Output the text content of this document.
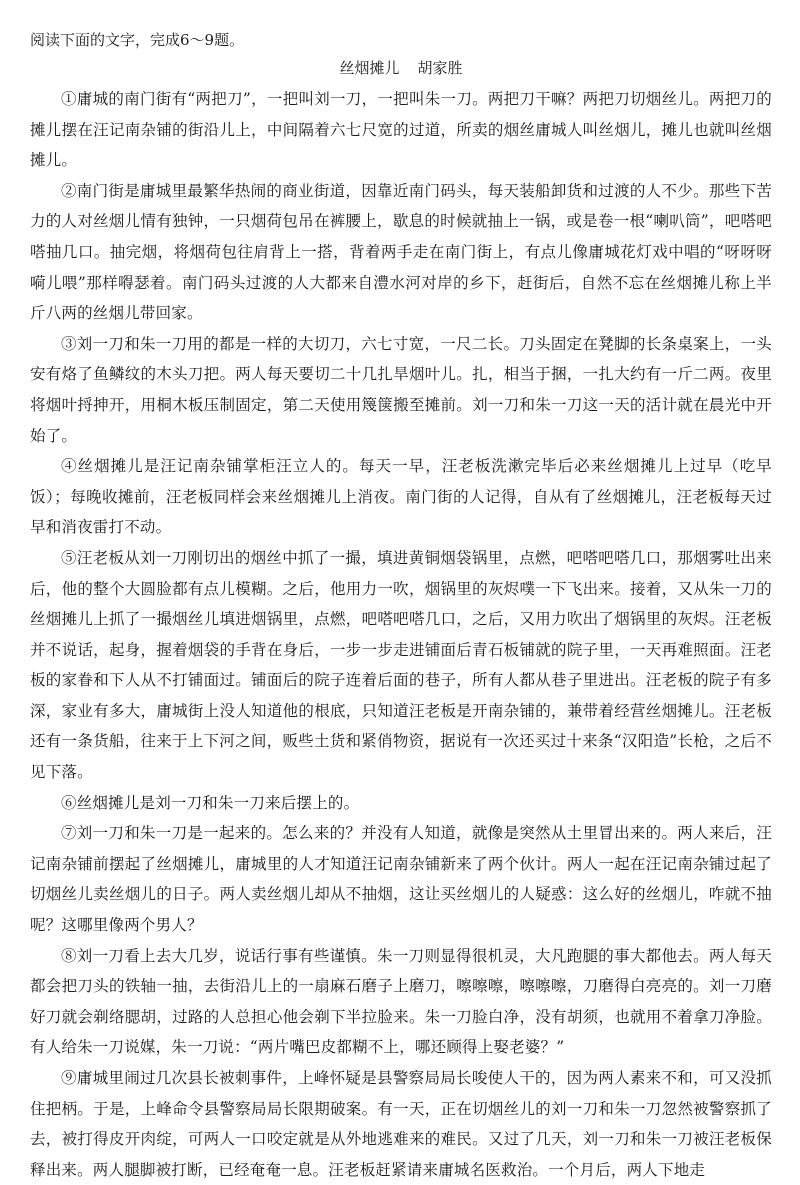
阅读下面的文字，完成6～9题。

丝烟摊儿 胡家胜

①庸城的南门街有“两把刀”，一把叫刘一刀，一把叫朱一刀。两把刀干嘛？两把刀切烟丝儿。两把刀的摊儿摆在汪记南杂铺的街沿儿上，中间隔着六七尺宽的过道，所卖的烟丝庸城人叫丝烟儿，摊儿也就叫丝烟摊儿。

②南门街是庸城里最繁华热闹的商业街道，因靠近南门码头，每天装船卸货和过渡的人不少。那些下苦力的人对丝烟儿情有独钟，一只烟荷包吊在裤腰上，歇息的时候就抽上一锅，或是卷一根“喇叭筒”，吧嗒吧嗒抽几口。抽完烟，将烟荷包往肩背上一搭，背着两手走在南门街上，有点儿像庸城花灯戏中唱的“呀呀呀嗬儿喂”那样嘚瑟着。南门码头过渡的人大都来自澧水河对岸的乡下，赶街后，自然不忘在丝烟摊儿称上半斤八两的丝烟儿带回家。

③刘一刀和朱一刀用的都是一样的大切刀，六七寸宽，一尺二长。刀头固定在凳脚的长条桌案上，一头安有烙了鱼鳞纹的木头刀把。两人每天要切二十几扎旱烟叶儿。扎，相当于捆，一扎大约有一斤二两。夜里将烟叶捋抻开，用桐木板压制固定，第二天使用篾箧搬至摊前。刘一刀和朱一刀这一天的活计就在晨光中开始了。

④丝烟摊儿是汪记南杂铺掌柜汪立人的。每天一早，汪老板洗漱完毕后必来丝烟摊儿上过早（吃早饭）；每晚收摊前，汪老板同样会来丝烟摊儿上消夜。南门街的人记得，自从有了丝烟摊儿，汪老板每天过早和消夜雷打不动。

⑤汪老板从刘一刀刚切出的烟丝中抓了一撮，填进黄铜烟袋锅里，点燃，吧嗒吧嗒几口，那烟雾吐出来后，他的整个大圆脸都有点儿模糊。之后，他用力一吹，烟锅里的灰烬噗一下飞出来。接着，又从朱一刀的丝烟摊儿上抓了一撮烟丝儿填进烟锅里，点燃，吧嗒吧嗒几口，之后，又用力吹出了烟锅里的灰烬。汪老板并不说话，起身，握着烟袋的手背在身后，一步一步走进铺面后青石板铺就的院子里，一天再难照面。汪老板的家眷和下人从不打铺面过。铺面后的院子连着后面的巷子，所有人都从巷子里进出。汪老板的院子有多深，家业有多大，庸城街上没人知道他的根底，只知道汪老板是开南杂铺的，兼带着经营丝烟摊儿。汪老板还有一条货船，往来于上下河之间，贩些土货和紧俏物资，据说有一次还买过十来条“汉阳造”长枪，之后不见下落。

⑥丝烟摊儿是刘一刀和朱一刀来后摆上的。

⑦刘一刀和朱一刀是一起来的。怎么来的？并没有人知道，就像是突然从土里冒出来的。两人来后，汪记南杂铺前摆起了丝烟摊儿，庸城里的人才知道汪记南杂铺新来了两个伙计。两人一起在汪记南杂铺过起了切烟丝儿卖丝烟儿的日子。两人卖丝烟儿却从不抽烟，这让买丝烟儿的人疑惑：这么好的丝烟儿，咋就不抽呢？这哪里像两个男人？

⑧刘一刀看上去大几岁，说话行事有些谨慎。朱一刀则显得很机灵，大凡跑腿的事大都他去。两人每天都会把刀头的铁轴一抽，去街沿儿上的一扇麻石磨子上磨刀，嚓嚓嚓，嚓嚓嚓，刀磨得白亮亮的。刘一刀磨好刀就会剃络腮胡，过路的人总担心他会剃下半拉脸来。朱一刀脸白净，没有胡须，也就用不着拿刀净脸。有人给朱一刀说媒，朱一刀说：“两片嘴巴皮都糊不上，哪还顾得上娶老婆？”

⑨庸城里闹过几次县长被刺事件，上峰怀疑是县警察局局长唆使人干的，因为两人素来不和，可又没抓住把柄。于是，上峰命令县警察局局长限期破案。有一天，正在切烟丝儿的刘一刀和朱一刀忽然被警察抓了去，被打得皮开肉绽，可两人一口咬定就是从外地逃难来的难民。又过了几天，刘一刀和朱一刀被汪老板保释出来。两人腿脚被打断，已经奄奄一息。汪老板赶紧请来庸城名医救治。一个月后，两人下地走
